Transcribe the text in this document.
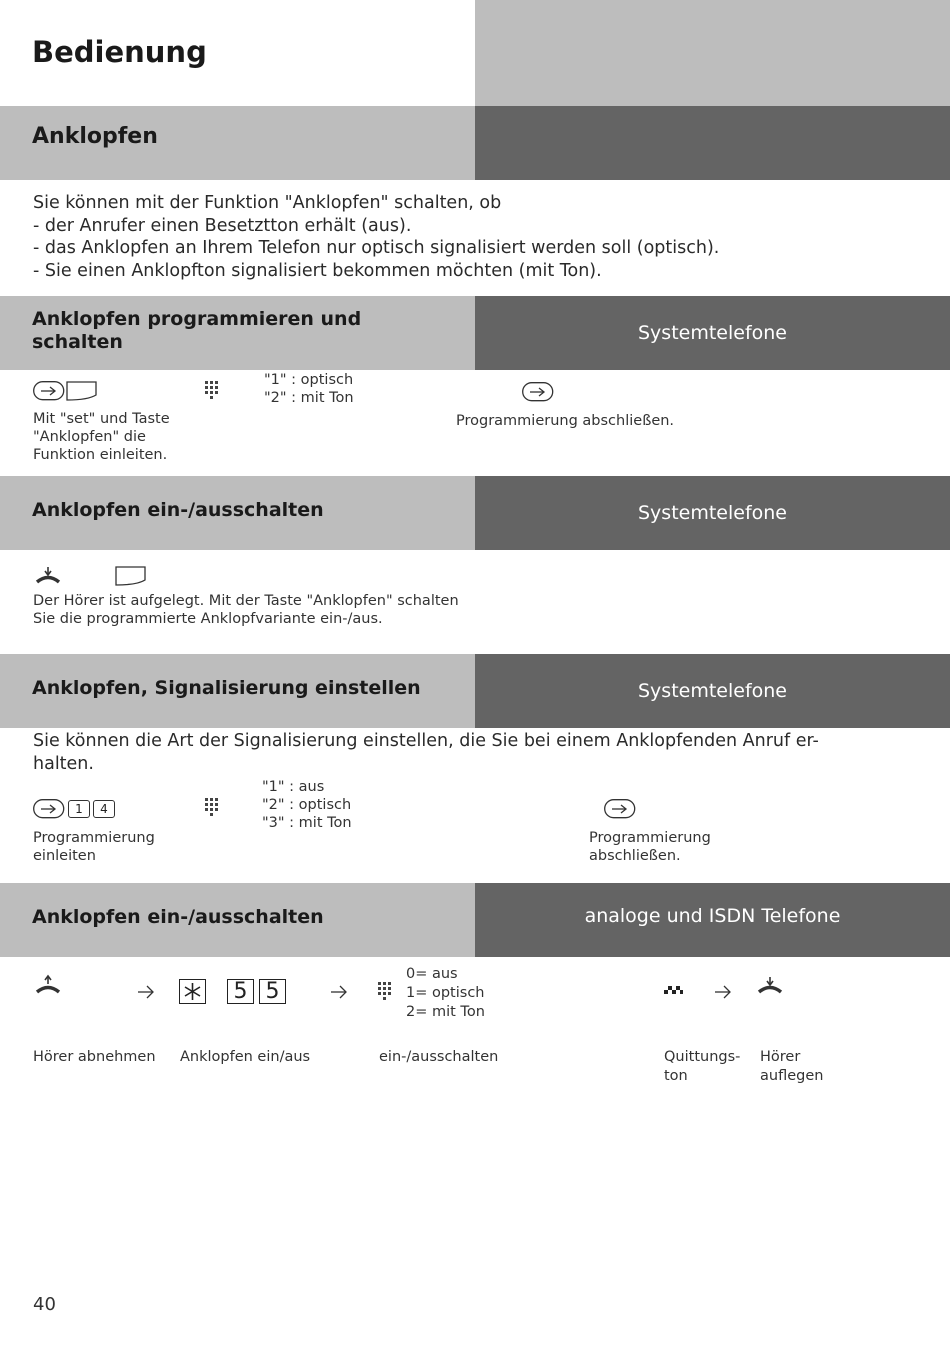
Bedienung
Anklopfen
Sie können mit der Funktion "Anklopfen" schalten, ob
- der Anrufer einen Besetztton erhält (aus).
- das Anklopfen an Ihrem Telefon nur optisch signalisiert werden soll (optisch).
- Sie einen Anklopfton signalisiert bekommen möchten (mit Ton).
Anklopfen programmieren und
schalten	Systemtelefone
"1" : optisch
"2" : mit Ton
Mit "set" und Taste
"Anklopfen" die
Funktion einleiten.
Programmierung abschließen.
Anklopfen ein-/ausschalten	Systemtelefone
Der Hörer ist aufgelegt. Mit der Taste "Anklopfen" schalten
Sie die programmierte Anklopfvariante ein-/aus.
Anklopfen, Signalisierung einstellen	Systemtelefone
Sie können die Art der Signalisierung einstellen, die Sie bei einem Anklopfenden Anruf er-
halten.
1	4
"1" : aus
"2" : optisch
"3" : mit Ton
Programmierung
einleiten
Programmierung
abschließen.
Anklopfen ein-/ausschalten	analoge und ISDN Telefone
5 5
0= aus
1= optisch
2= mit Ton
Hörer abnehmen Anklopfen ein/aus	ein-/ausschalten	Quittungs-
ton
Hörer
auflegen
40
